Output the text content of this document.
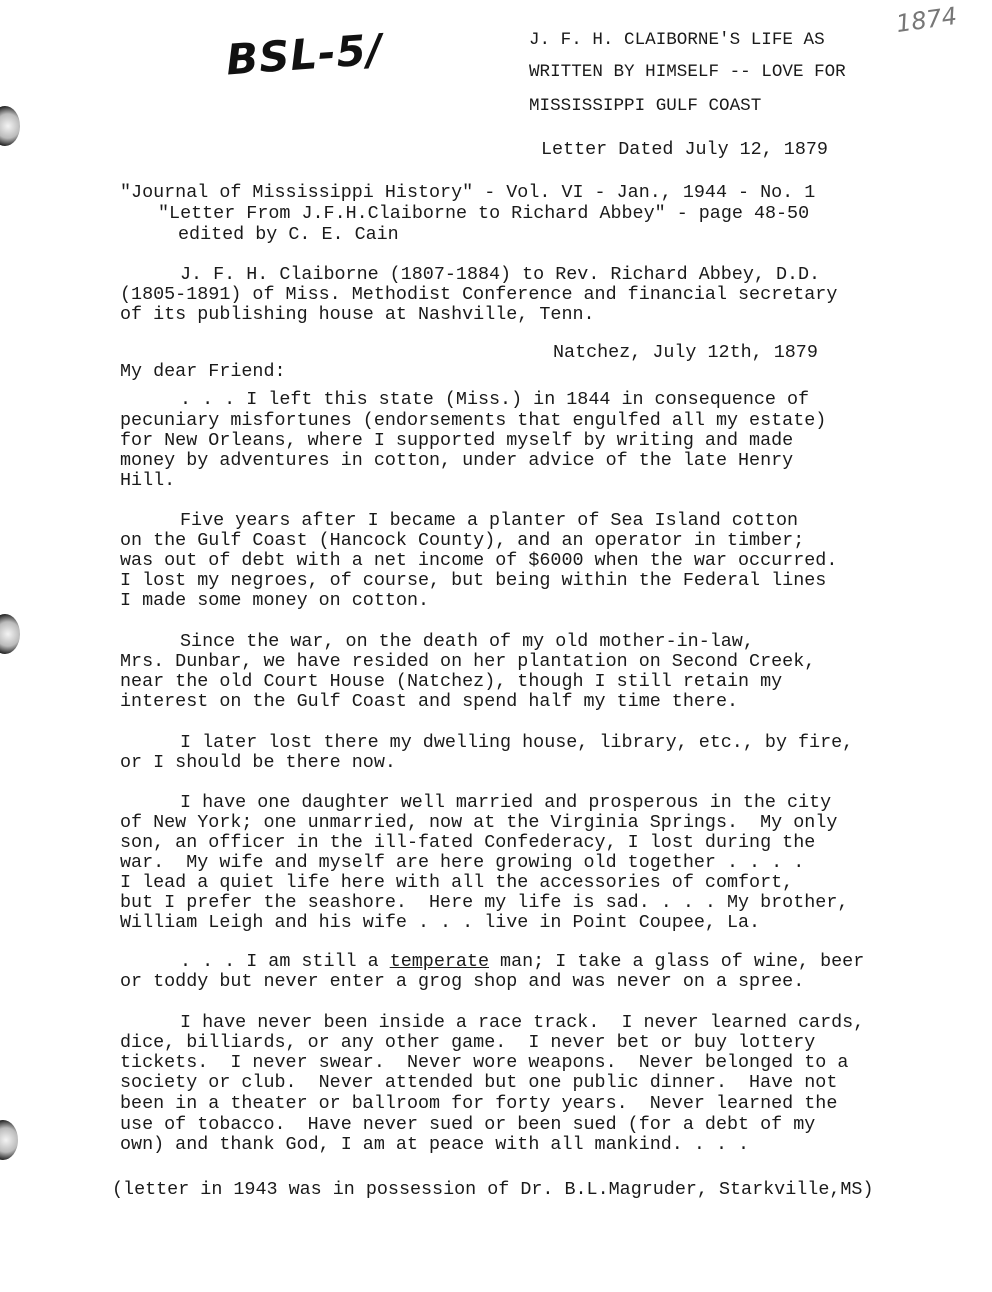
BSL-5/
1874
J. F. H. CLAIBORNE'S LIFE AS
WRITTEN BY HIMSELF -- LOVE FOR
MISSISSIPPI GULF COAST
Letter Dated July 12, 1879
"Journal of Mississippi History" - Vol. VI - Jan., 1944 - No. 1
"Letter From J.F.H.Claiborne to Richard Abbey" - page 48-50
edited by C. E. Cain
J. F. H. Claiborne (1807-1884) to Rev. Richard Abbey, D.D.
(1805-1891) of Miss. Methodist Conference and financial secretary
of its publishing house at Nashville, Tenn.
Natchez, July 12th, 1879
My dear Friend:
. . . I left this state (Miss.) in 1844 in consequence of
pecuniary misfortunes (endorsements that engulfed all my estate)
for New Orleans, where I supported myself by writing and made
money by adventures in cotton, under advice of the late Henry
Hill.
Five years after I became a planter of Sea Island cotton
on the Gulf Coast (Hancock County), and an operator in timber;
was out of debt with a net income of $6000 when the war occurred.
I lost my negroes, of course, but being within the Federal lines
I made some money on cotton.
Since the war, on the death of my old mother-in-law,
Mrs. Dunbar, we have resided on her plantation on Second Creek,
near the old Court House (Natchez), though I still retain my
interest on the Gulf Coast and spend half my time there.
I later lost there my dwelling house, library, etc., by fire,
or I should be there now.
I have one daughter well married and prosperous in the city
of New York; one unmarried, now at the Virginia Springs.  My only
son, an officer in the ill-fated Confederacy, I lost during the
war.  My wife and myself are here growing old together . . . .
I lead a quiet life here with all the accessories of comfort,
but I prefer the seashore.  Here my life is sad. . . . My brother,
William Leigh and his wife . . . live in Point Coupee, La.
. . . I am still a temperate man; I take a glass of wine, beer
or toddy but never enter a grog shop and was never on a spree.
I have never been inside a race track.  I never learned cards,
dice, billiards, or any other game.  I never bet or buy lottery
tickets.  I never swear.  Never wore weapons.  Never belonged to a
society or club.  Never attended but one public dinner.  Have not
been in a theater or ballroom for forty years.  Never learned the
use of tobacco.  Have never sued or been sued (for a debt of my
own) and thank God, I am at peace with all mankind. . . .
(letter in 1943 was in possession of Dr. B.L.Magruder, Starkville,MS)
